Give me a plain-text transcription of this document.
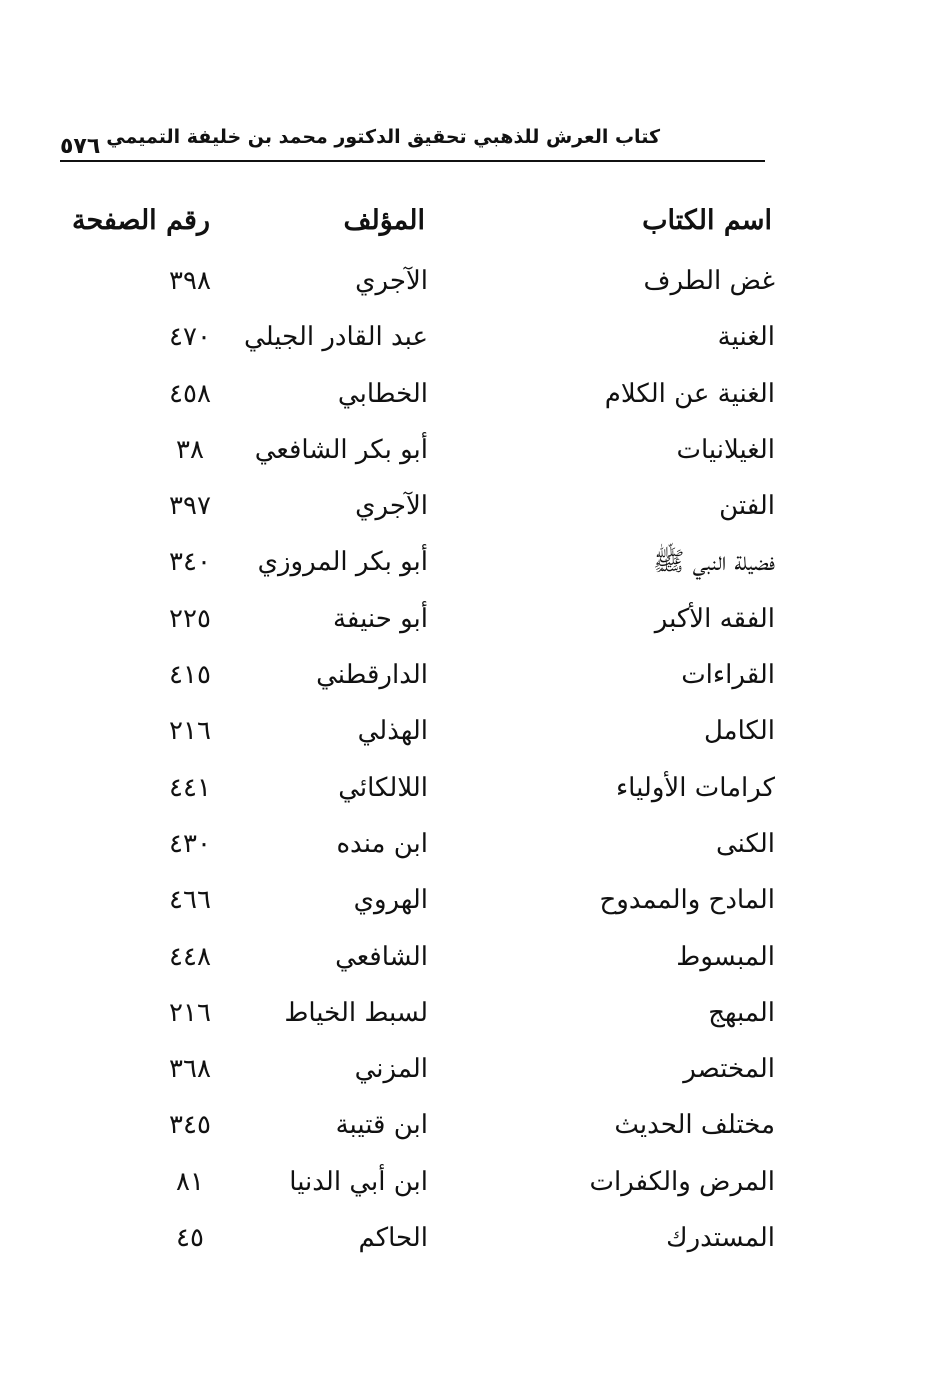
كتاب العرش للذهبي تحقيق الدكتور محمد بن خليفة التميمي
٥٧٦
اسم الكتاب
المؤلف
رقم الصفحة
غض الطرف
الآجري
٣٩٨
الغنية
عبد القادر الجيلي
٤٧٠
الغنية عن الكلام
الخطابي
٤٥٨
الغيلانيات
أبو بكر الشافعي
٣٨
الفتن
الآجري
٣٩٧
فضيلة النبي ﷺ
أبو بكر المروزي
٣٤٠
الفقه الأكبر
أبو حنيفة
٢٢٥
القراءات
الدارقطني
٤١٥
الكامل
الهذلي
٢١٦
كرامات الأولياء
اللالكائي
٤٤١
الكنى
ابن منده
٤٣٠
المادح والممدوح
الهروي
٤٦٦
المبسوط
الشافعي
٤٤٨
المبهج
لسبط الخياط
٢١٦
المختصر
المزني
٣٦٨
مختلف الحديث
ابن قتيبة
٣٤٥
المرض والكفرات
ابن أبي الدنيا
٨١
المستدرك
الحاكم
٤٥
